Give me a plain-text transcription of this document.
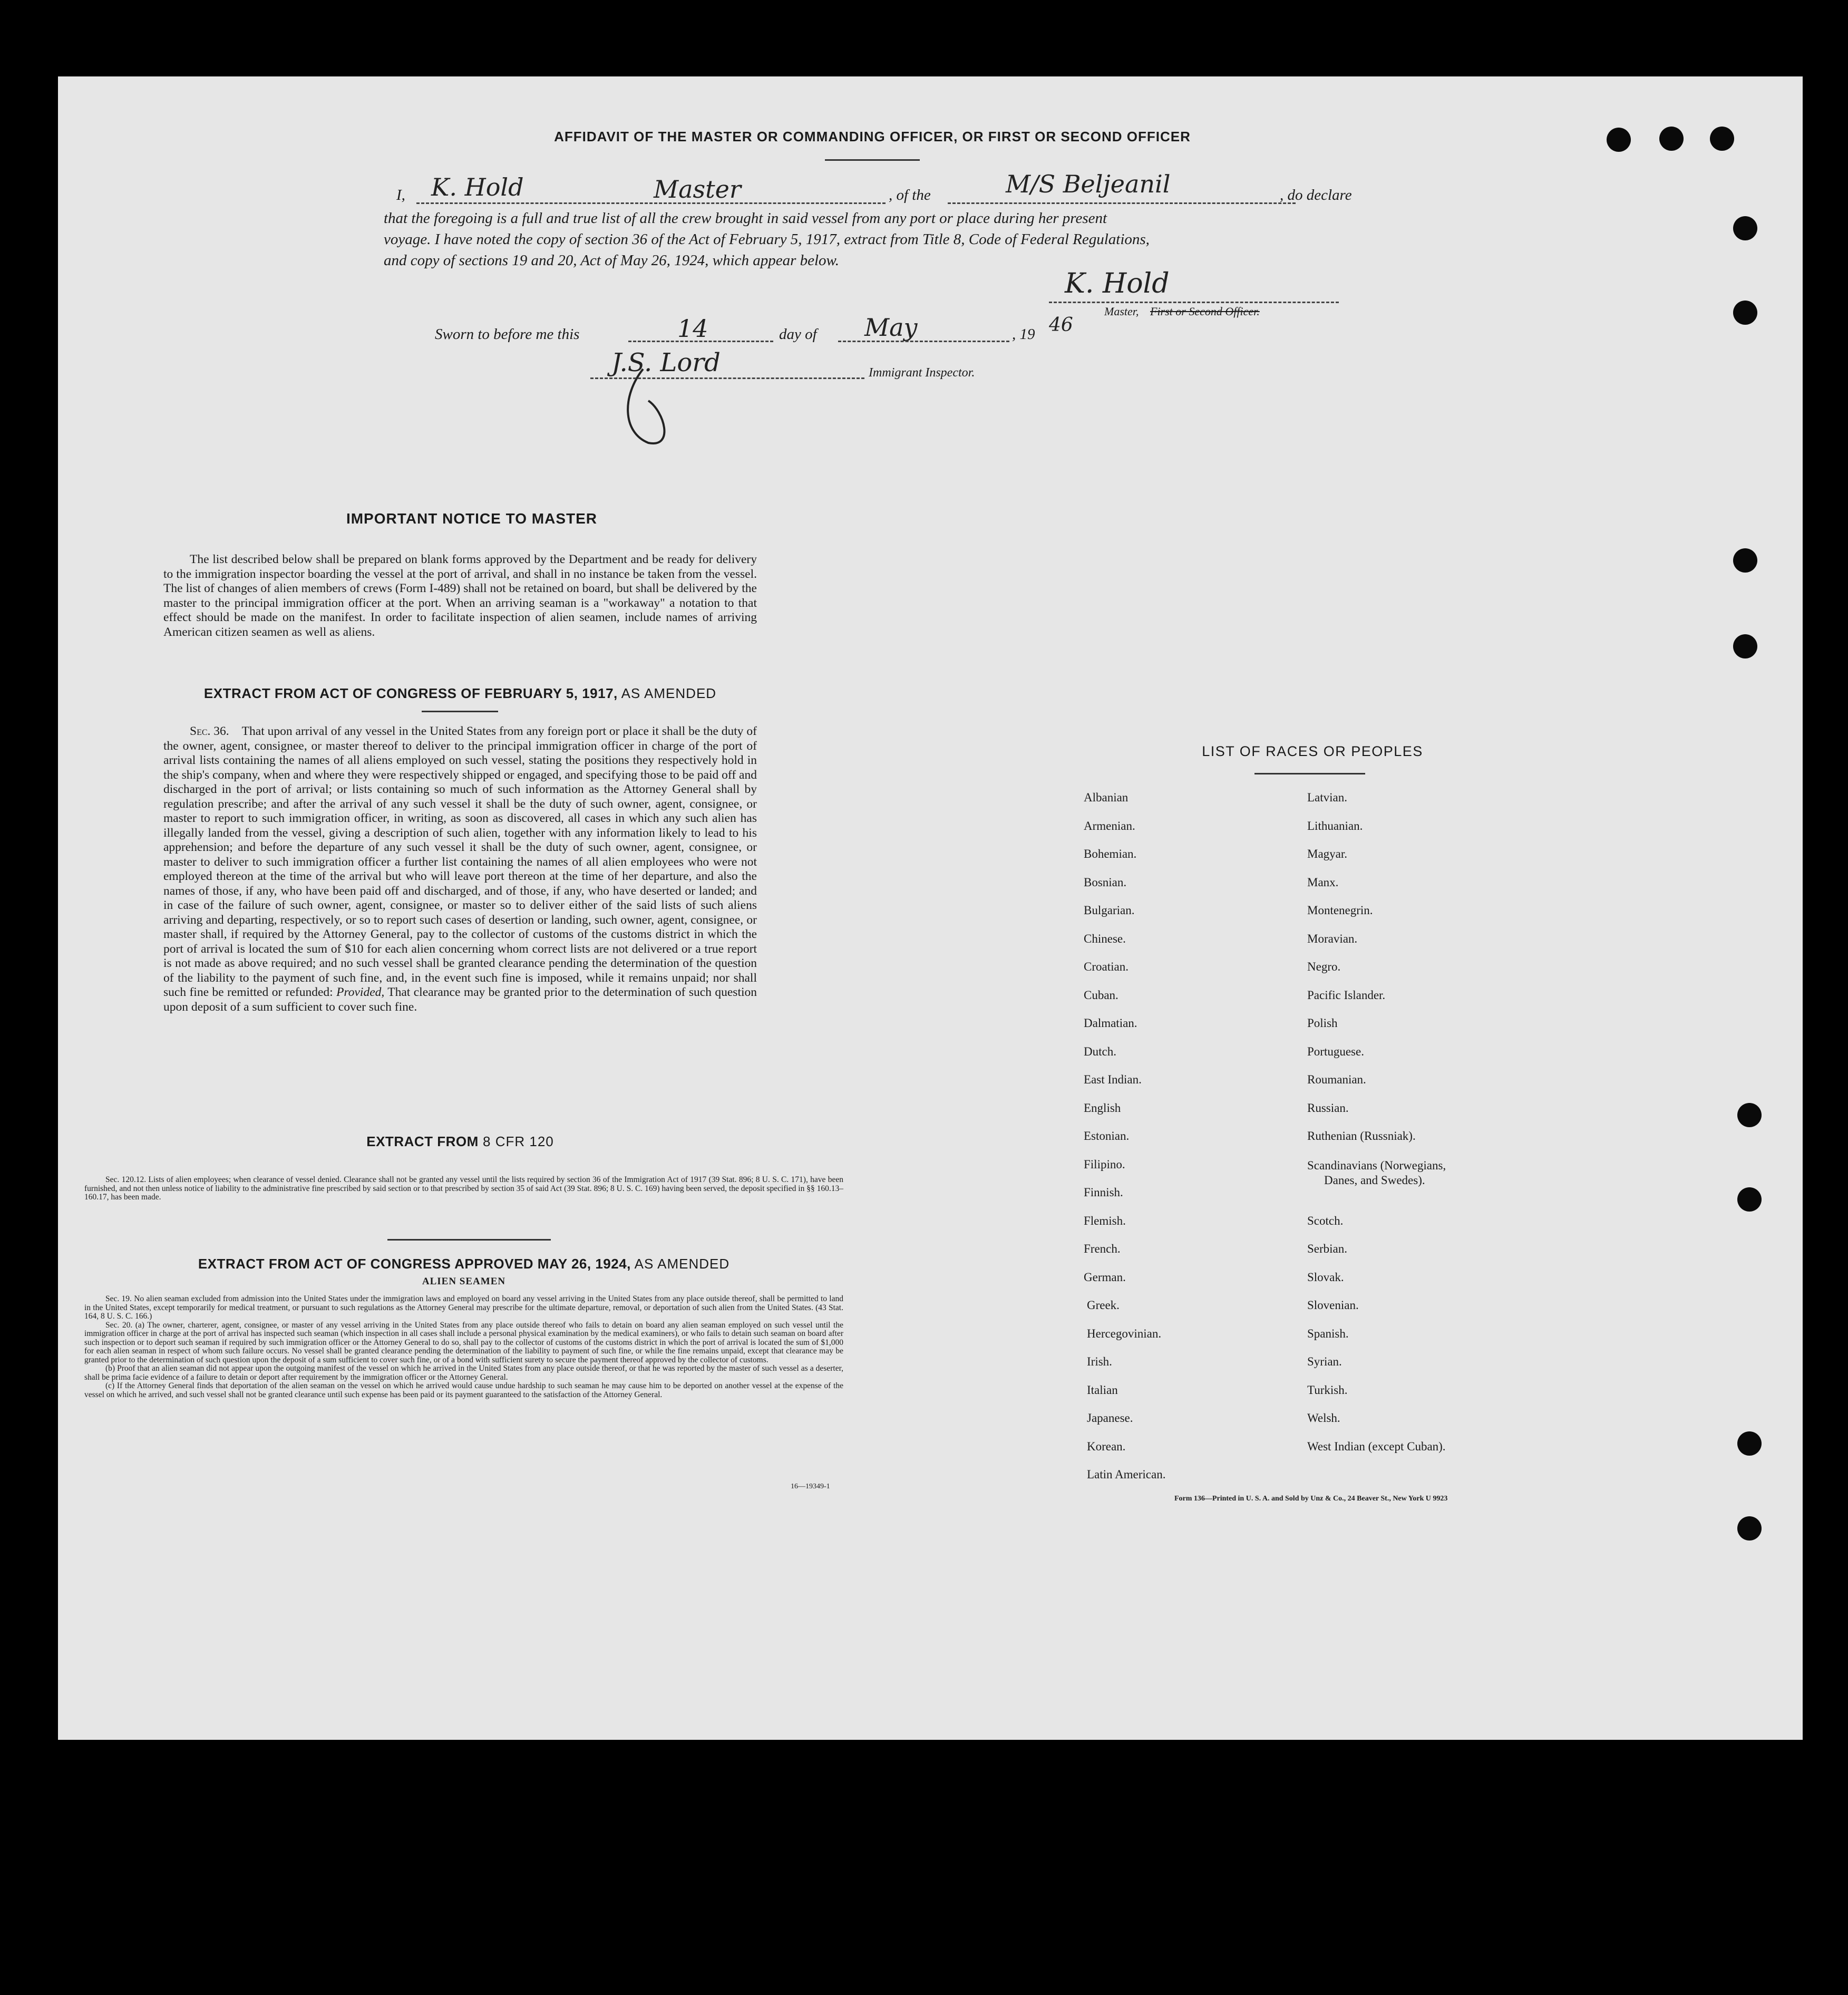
AFFIDAVIT OF THE MASTER OR COMMANDING OFFICER, OR FIRST OR SECOND OFFICER
I, K. Hold	Master	, of the	M/S Beljeanil	, do declare
that the foregoing is a full and true list of all the crew brought in said vessel from any port or place during her present
voyage. I have noted the copy of section 36 of the Act of February 5, 1917, extract from Title 8, Code of Federal Regulations,
and copy of sections 19 and 20, Act of May 26, 1924, which appear below.
K. Hold
Master, First or Second Officer.
Sworn to before me this	14	day of May	, 19 46
J.S. Lord	Immigrant Inspector.
IMPORTANT NOTICE TO MASTER
The list described below shall be prepared on blank forms approved by the Department and be ready for delivery to the immigration inspector boarding the vessel at the port of arrival, and shall in no instance be taken from the vessel. The list of changes of alien members of crews (Form I-489) shall not be retained on board, but shall be delivered by the master to the principal immigration officer at the port. When an arriving seaman is a "workaway" a notation to that effect should be made on the manifest. In order to facilitate inspection of alien seamen, include names of arriving American citizen seamen as well as aliens.
EXTRACT FROM ACT OF CONGRESS OF FEBRUARY 5, 1917, AS AMENDED
Sec. 36. That upon arrival of any vessel in the United States from any foreign port or place it shall be the duty of the owner, agent, consignee, or master thereof to deliver to the principal immigration officer in charge of the port of arrival lists containing the names of all aliens employed on such vessel, stating the positions they respectively hold in the ship's company, when and where they were respectively shipped or engaged, and specifying those to be paid off and discharged in the port of arrival; or lists containing so much of such information as the Attorney General shall by regulation prescribe; and after the arrival of any such vessel it shall be the duty of such owner, agent, consignee, or master to report to such immigration officer, in writing, as soon as discovered, all cases in which any such alien has illegally landed from the vessel, giving a description of such alien, together with any information likely to lead to his apprehension; and before the departure of any such vessel it shall be the duty of such owner, agent, consignee, or master to deliver to such immigration officer a further list containing the names of all alien employees who were not employed thereon at the time of the arrival but who will leave port thereon at the time of her departure, and also the names of those, if any, who have been paid off and discharged, and of those, if any, who have deserted or landed; and in case of the failure of such owner, agent, consignee, or master so to deliver either of the said lists of such aliens arriving and departing, respectively, or so to report such cases of desertion or landing, such owner, agent, consignee, or master shall, if required by the Attorney General, pay to the collector of customs of the customs district in which the port of arrival is located the sum of $10 for each alien concerning whom correct lists are not delivered or a true report is not made as above required; and no such vessel shall be granted clearance pending the determination of the question of the liability to the payment of such fine, and, in the event such fine is imposed, while it remains unpaid; nor shall such fine be remitted or refunded: Provided, That clearance may be granted prior to the determination of such question upon deposit of a sum sufficient to cover such fine.
EXTRACT FROM 8 CFR 120
Sec. 120.12. Lists of alien employees; when clearance of vessel denied. Clearance shall not be granted any vessel until the lists required by section 36 of the Immigration Act of 1917 (39 Stat. 896; 8 U. S. C. 171), have been furnished, and not then unless notice of liability to the administrative fine prescribed by said section or to that prescribed by section 35 of said Act (39 Stat. 896; 8 U. S. C. 169) having been served, the deposit specified in §§ 160.13–160.17, has been made.
EXTRACT FROM ACT OF CONGRESS APPROVED MAY 26, 1924, AS AMENDED
ALIEN SEAMEN
Sec. 19. No alien seaman excluded from admission into the United States under the immigration laws and employed on board any vessel arriving in the United States from any place outside thereof, shall be permitted to land in the United States, except temporarily for medical treatment, or pursuant to such regulations as the Attorney General may prescribe for the ultimate departure, removal, or deportation of such alien from the United States. (43 Stat. 164, 8 U. S. C. 166.)
Sec. 20. (a) The owner, charterer, agent, consignee, or master of any vessel arriving in the United States from any place outside thereof who fails to detain on board any alien seaman employed on such vessel until the immigration officer in charge at the port of arrival has inspected such seaman (which inspection in all cases shall include a personal physical examination by the medical examiners), or who fails to detain such seaman on board after such inspection or to deport such seaman if required by such immigration officer or the Attorney General to do so, shall pay to the collector of customs of the customs district in which the port of arrival is located the sum of $1,000 for each alien seaman in respect of whom such failure occurs. No vessel shall be granted clearance pending the determination of the liability to payment of such fine, or while the fine remains unpaid, except that clearance may be granted prior to the determination of such question upon the deposit of a sum sufficient to cover such fine, or of a bond with sufficient surety to secure the payment thereof approved by the collector of customs.
(b) Proof that an alien seaman did not appear upon the outgoing manifest of the vessel on which he arrived in the United States from any place outside thereof, or that he was reported by the master of such vessel as a deserter, shall be prima facie evidence of a failure to detain or deport after requirement by the immigration officer or the Attorney General.
(c) If the Attorney General finds that deportation of the alien seaman on the vessel on which he arrived would cause undue hardship to such seaman he may cause him to be deported on another vessel at the expense of the vessel on which he arrived, and such vessel shall not be granted clearance until such expense has been paid or its payment guaranteed to the satisfaction of the Attorney General.
16—19349-1
LIST OF RACES OR PEOPLES
Albanian
Armenian.
Bohemian.
Bosnian.
Bulgarian.
Chinese.
Croatian.
Cuban.
Dalmatian.
Dutch.
East Indian.
English
Estonian.
Filipino.
Finnish.
Flemish.
French.
German.
Greek.
Hercegovinian.
Irish.
Italian
Japanese.
Korean.
Latin American.
Latvian.
Lithuanian.
Magyar.
Manx.
Montenegrin.
Moravian.
Negro.
Pacific Islander.
Polish
Portuguese.
Roumanian.
Russian.
Ruthenian (Russniak).
Scandinavians (Norwegians,
Danes, and Swedes).
Scotch.
Serbian.
Slovak.
Slovenian.
Spanish.
Syrian.
Turkish.
Welsh.
West Indian (except Cuban).
Form 136—Printed in U. S. A. and Sold by Unz & Co., 24 Beaver St., New York U 9923
